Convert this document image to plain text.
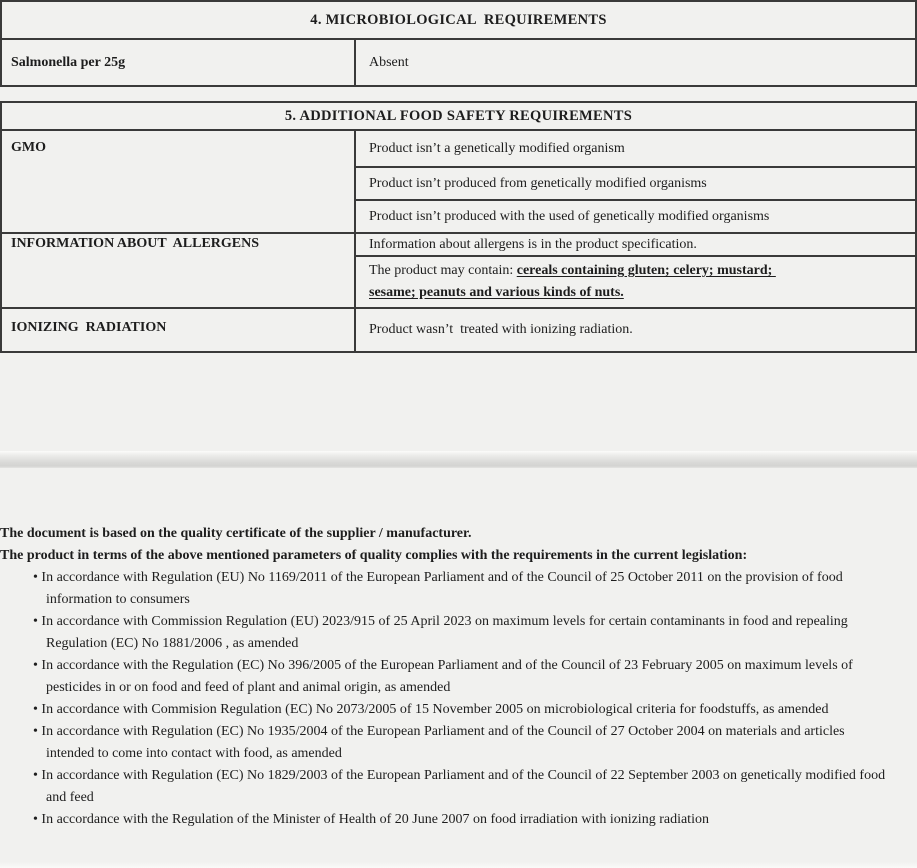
4. MICROBIOLOGICAL  REQUIREMENTS
Salmonella per 25g	Absent
5. ADDITIONAL FOOD SAFETY REQUIREMENTS
GMO	Product isn’t a genetically modified organism
Product isn’t produced from genetically modified organisms
Product isn’t produced with the used of genetically modified organisms
INFORMATION ABOUT  ALLERGENS	Information about allergens is in the product specification.
The product may contain: cereals containing gluten; celery; mustard;
sesame; peanuts and various kinds of nuts.
IONIZING  RADIATION	Product wasn’t  treated with ionizing radiation.
The document is based on the quality certificate of the supplier / manufacturer.
The product in terms of the above mentioned parameters of quality complies with the requirements in the current legislation:
• In accordance with Regulation (EU) No 1169/2011 of the European Parliament and of the Council of 25 October 2011 on the provision of food information to consumers
• In accordance with Commission Regulation (EU) 2023/915 of 25 April 2023 on maximum levels for certain contaminants in food and repealing Regulation (EC) No 1881/2006 , as amended
• In accordance with the Regulation (EC) No 396/2005 of the European Parliament and of the Council of 23 February 2005 on maximum levels of pesticides in or on food and feed of plant and animal origin, as amended
• In accordance with Commision Regulation (EC) No 2073/2005 of 15 November 2005 on microbiological criteria for foodstuffs, as amended
• In accordance with Regulation (EC) No 1935/2004 of the European Parliament and of the Council of 27 October 2004 on materials and articles intended to come into contact with food, as amended
• In accordance with Regulation (EC) No 1829/2003 of the European Parliament and of the Council of 22 September 2003 on genetically modified food and feed
• In accordance with the Regulation of the Minister of Health of 20 June 2007 on food irradiation with ionizing radiation
